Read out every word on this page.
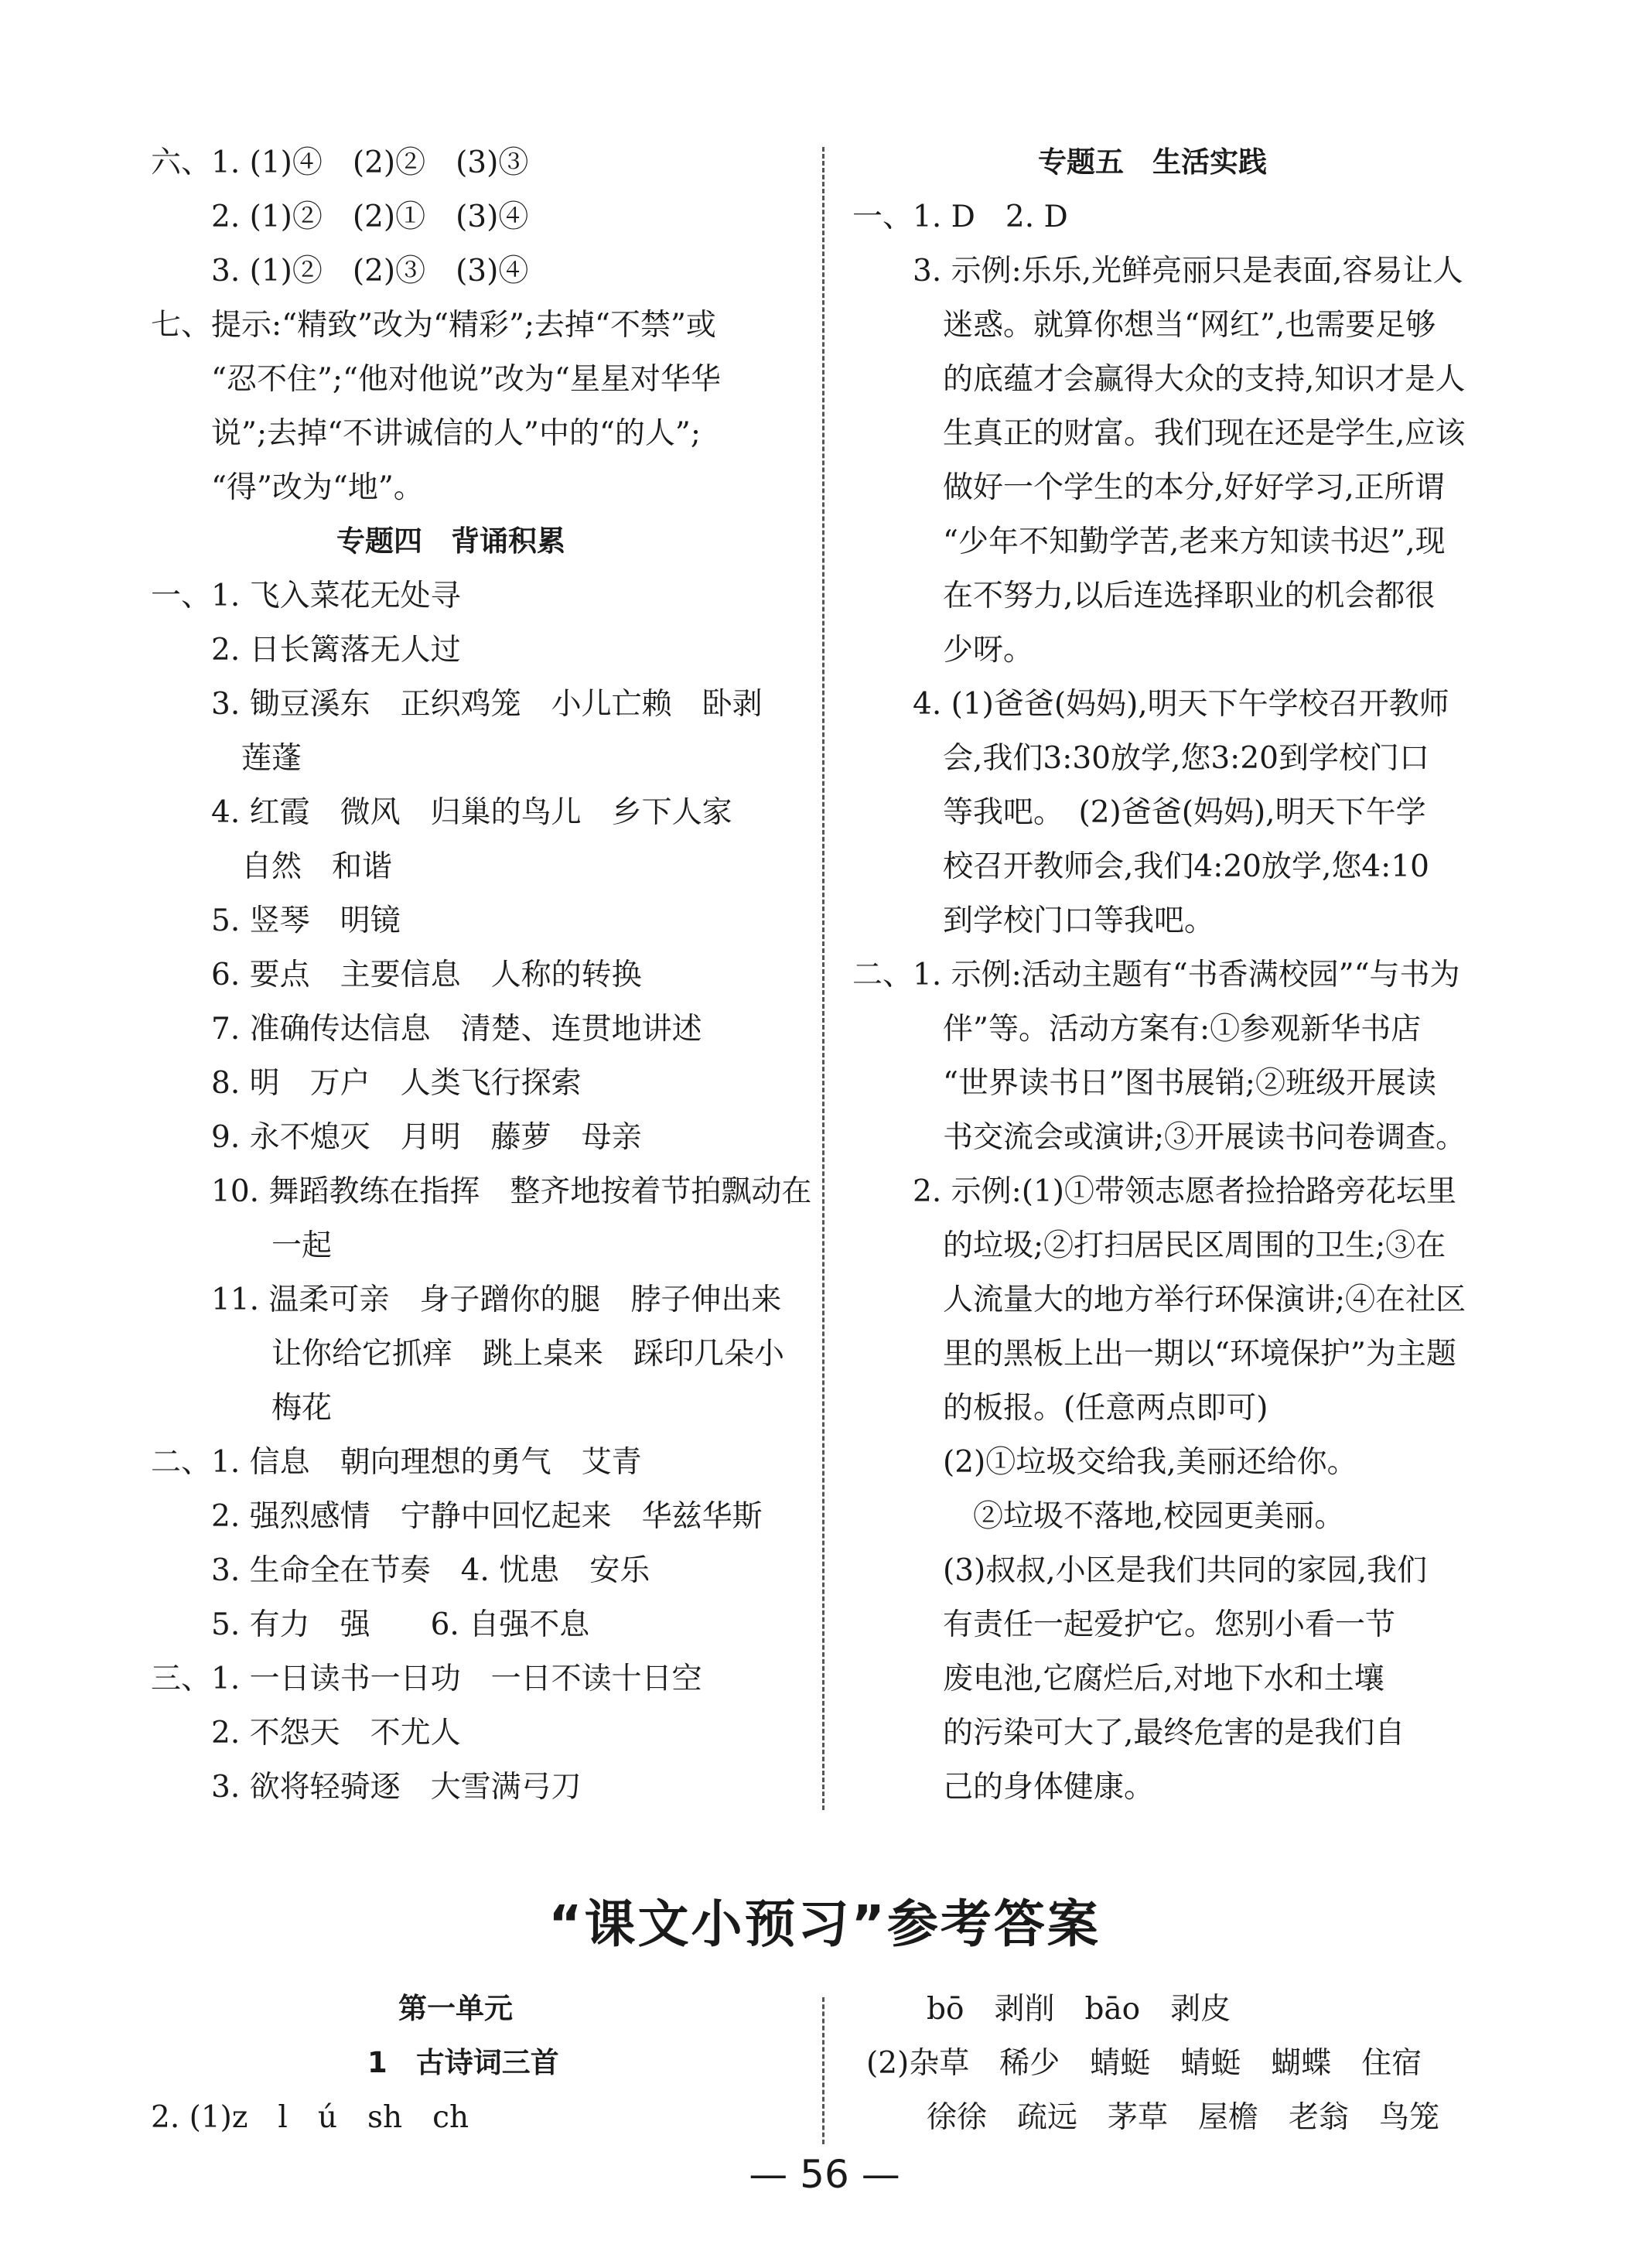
六、1. (1)④　(2)②　(3)③
　　2. (1)②　(2)①　(3)④
　　3. (1)②　(2)③　(3)④
七、提示:“精致”改为“精彩”;去掉“不禁”或
　　“忍不住”;“他对他说”改为“星星对华华
　　说”;去掉“不讲诚信的人”中的“的人”;
　　“得”改为“地”。
专题四　背诵积累
一、1. 飞入菜花无处寻
　　2. 日长篱落无人过
　　3. 锄豆溪东　正织鸡笼　小儿亡赖　卧剥
　　　莲蓬
　　4. 红霞　微风　归巢的鸟儿　乡下人家
　　　自然　和谐
　　5. 竖琴　明镜
　　6. 要点　主要信息　人称的转换
　　7. 准确传达信息　清楚、连贯地讲述
　　8. 明　万户　人类飞行探索
　　9. 永不熄灭　月明　藤萝　母亲
　　10. 舞蹈教练在指挥　整齐地按着节拍飘动在
　　　　一起
　　11. 温柔可亲　身子蹭你的腿　脖子伸出来
　　　　让你给它抓痒　跳上桌来　踩印几朵小
　　　　梅花
二、1. 信息　朝向理想的勇气　艾青
　　2. 强烈感情　宁静中回忆起来　华兹华斯
　　3. 生命全在节奏　4. 忧患　安乐
　　5. 有力　强　　6. 自强不息
三、1. 一日读书一日功　一日不读十日空
　　2. 不怨天　不尤人
　　3. 欲将轻骑逐　大雪满弓刀
专题五　生活实践
一、1. D　2. D
　　3. 示例:乐乐,光鲜亮丽只是表面,容易让人
　　　迷惑。就算你想当“网红”,也需要足够
　　　的底蕴才会赢得大众的支持,知识才是人
　　　生真正的财富。我们现在还是学生,应该
　　　做好一个学生的本分,好好学习,正所谓
　　　“少年不知勤学苦,老来方知读书迟”,现
　　　在不努力,以后连选择职业的机会都很
　　　少呀。
　　4. (1)爸爸(妈妈),明天下午学校召开教师
　　　会,我们3:30放学,您3:20到学校门口
　　　等我吧。　(2)爸爸(妈妈),明天下午学
　　　校召开教师会,我们4:20放学,您4:10
　　　到学校门口等我吧。
二、1. 示例:活动主题有“书香满校园”“与书为
　　　伴”等。活动方案有:①参观新华书店
　　　“世界读书日”图书展销;②班级开展读
　　　书交流会或演讲;③开展读书问卷调查。
　　2. 示例:(1)①带领志愿者捡拾路旁花坛里
　　　的垃圾;②打扫居民区周围的卫生;③在
　　　人流量大的地方举行环保演讲;④在社区
　　　里的黑板上出一期以“环境保护”为主题
　　　的板报。(任意两点即可)
　　　(2)①垃圾交给我,美丽还给你。
　　　　②垃圾不落地,校园更美丽。
　　　(3)叔叔,小区是我们共同的家园,我们
　　　有责任一起爱护它。您别小看一节
　　　废电池,它腐烂后,对地下水和土壤
　　　的污染可大了,最终危害的是我们自
　　　己的身体健康。
“课文小预习”参考答案
第一单元
1　古诗词三首
2. (1)z　l　ú　sh　ch
　　bō　剥削　bāo　剥皮
(2)杂草　稀少　蜻蜓　蜻蜓　蝴蝶　住宿
　　徐徐　疏远　茅草　屋檐　老翁　鸟笼
— 56 —
